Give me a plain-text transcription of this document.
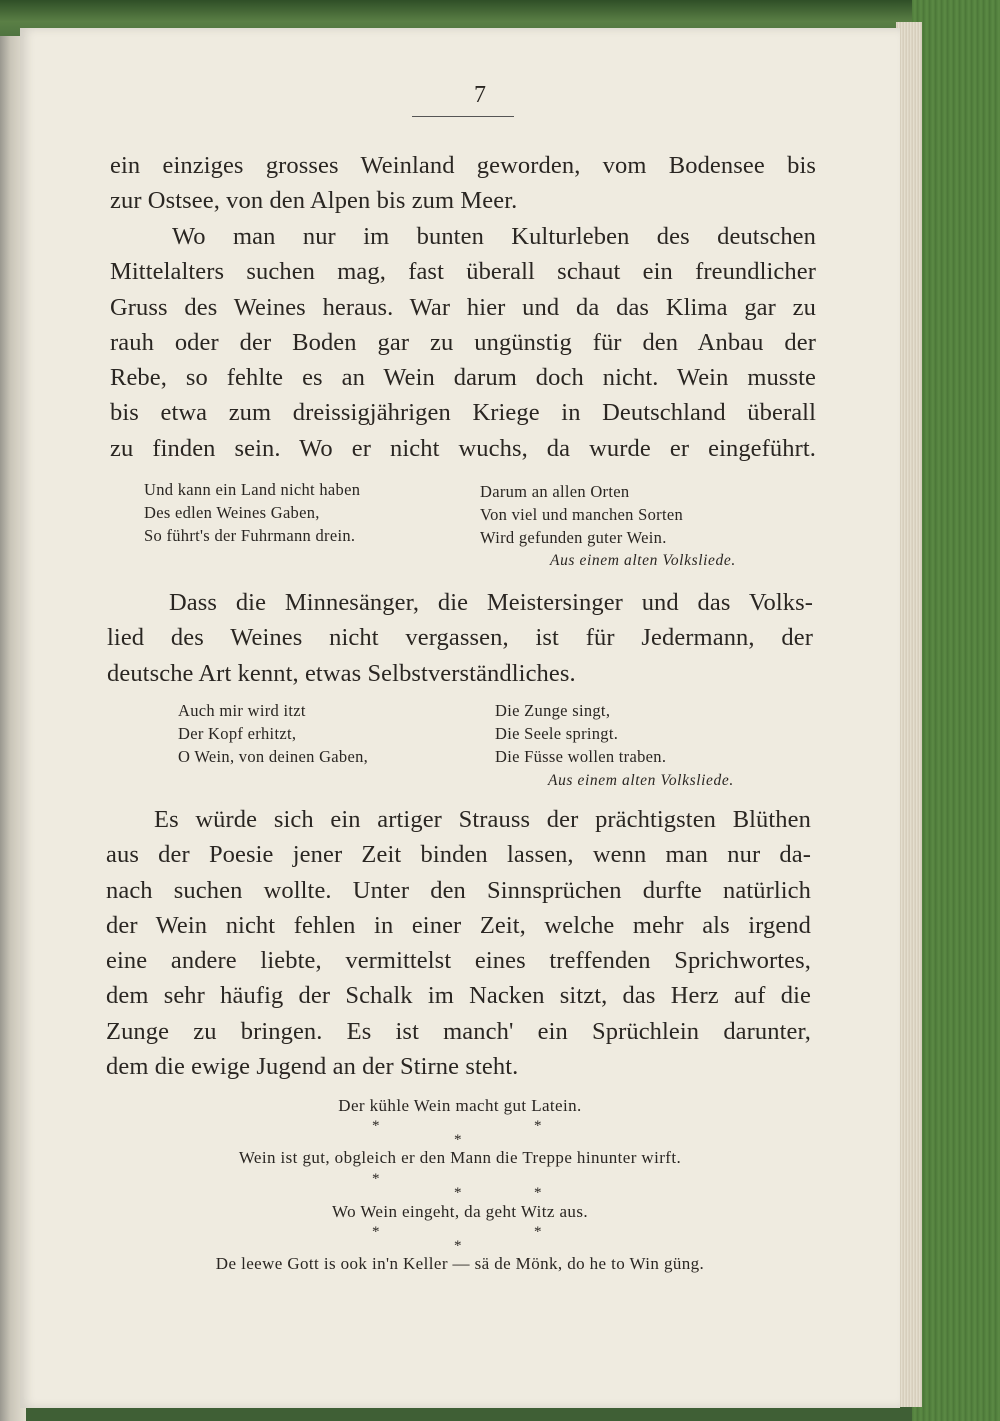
7
ein einziges grosses Weinland geworden, vom Bodensee bis
zur Ostsee, von den Alpen bis zum Meer.
Wo man nur im bunten Kulturleben des deutschen
Mittelalters suchen mag, fast überall schaut ein freundlicher
Gruss des Weines heraus. War hier und da das Klima gar zu
rauh oder der Boden gar zu ungünstig für den Anbau der
Rebe, so fehlte es an Wein darum doch nicht. Wein musste
bis etwa zum dreissigjährigen Kriege in Deutschland überall
zu finden sein. Wo er nicht wuchs, da wurde er eingeführt.
Und kann ein Land nicht haben
Des edlen Weines Gaben,
So führt's der Fuhrmann drein.
Darum an allen Orten
Von viel und manchen Sorten
Wird gefunden guter Wein.
Aus einem alten Volksliede.
Dass die Minnesänger, die Meistersinger und das Volks-
lied des Weines nicht vergassen, ist für Jedermann, der
deutsche Art kennt, etwas Selbstverständliches.
Auch mir wird itzt
Der Kopf erhitzt,
O Wein, von deinen Gaben,
Die Zunge singt,
Die Seele springt.
Die Füsse wollen traben.
Aus einem alten Volksliede.
Es würde sich ein artiger Strauss der prächtigsten Blüthen
aus der Poesie jener Zeit binden lassen, wenn man nur da-
nach suchen wollte. Unter den Sinnsprüchen durfte natürlich
der Wein nicht fehlen in einer Zeit, welche mehr als irgend
eine andere liebte, vermittelst eines treffenden Sprichwortes,
dem sehr häufig der Schalk im Nacken sitzt, das Herz auf die
Zunge zu bringen. Es ist manch' ein Sprüchlein darunter,
dem die ewige Jugend an der Stirne steht.
Der kühle Wein macht gut Latein.
*	*
*
Wein ist gut, obgleich er den Mann die Treppe hinunter wirft.
*
*	*
Wo Wein eingeht, da geht Witz aus.
*	*
*
De leewe Gott is ook in'n Keller — sä de Mönk, do he to Win güng.
